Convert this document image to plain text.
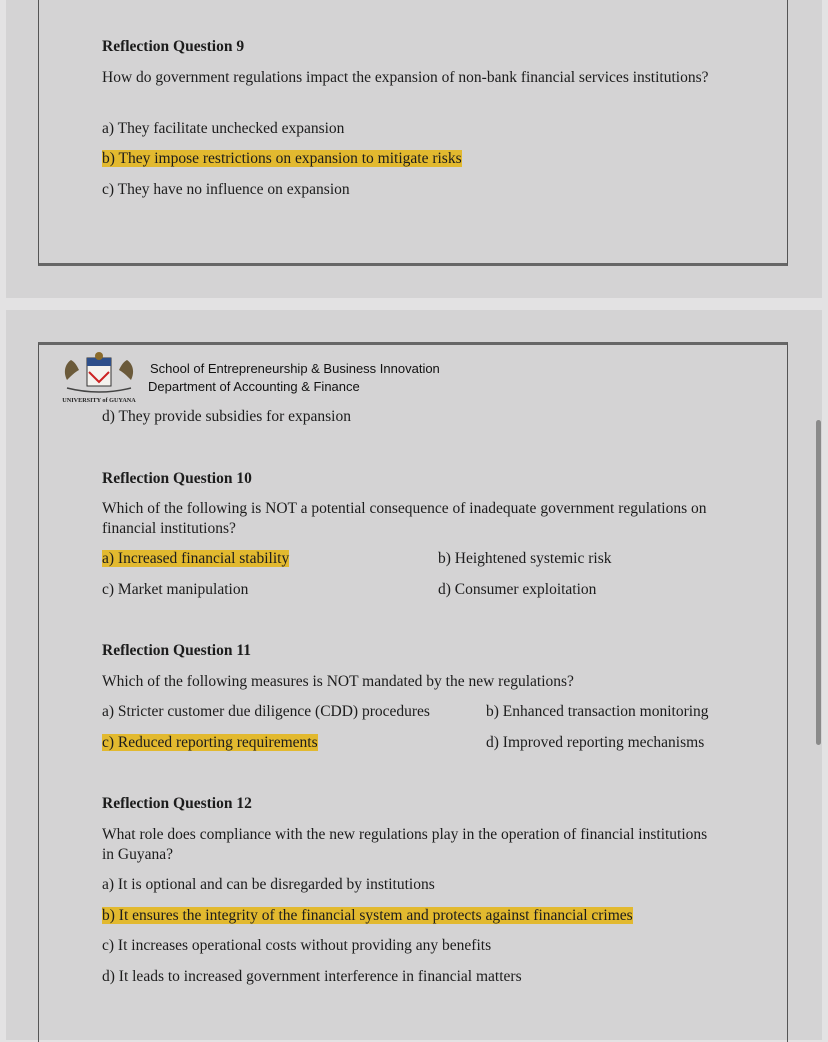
Reflection Question 9
How do government regulations impact the expansion of non-bank financial services institutions?
a) They facilitate unchecked expansion
b) They impose restrictions on expansion to mitigate risks
c) They have no influence on expansion
UNIVERSITY of GUYANA
School of Entrepreneurship & Business Innovation
Department of Accounting & Finance
d) They provide subsidies for expansion
Reflection Question 10
Which of the following is NOT a potential consequence of inadequate government regulations on financial institutions?
a) Increased financial stability	b) Heightened systemic risk
c) Market manipulation	d) Consumer exploitation
Reflection Question 11
Which of the following measures is NOT mandated by the new regulations?
a) Stricter customer due diligence (CDD) procedures	b) Enhanced transaction monitoring
c) Reduced reporting requirements	d) Improved reporting mechanisms
Reflection Question 12
What role does compliance with the new regulations play in the operation of financial institutions in Guyana?
a) It is optional and can be disregarded by institutions
b) It ensures the integrity of the financial system and protects against financial crimes
c) It increases operational costs without providing any benefits
d) It leads to increased government interference in financial matters
